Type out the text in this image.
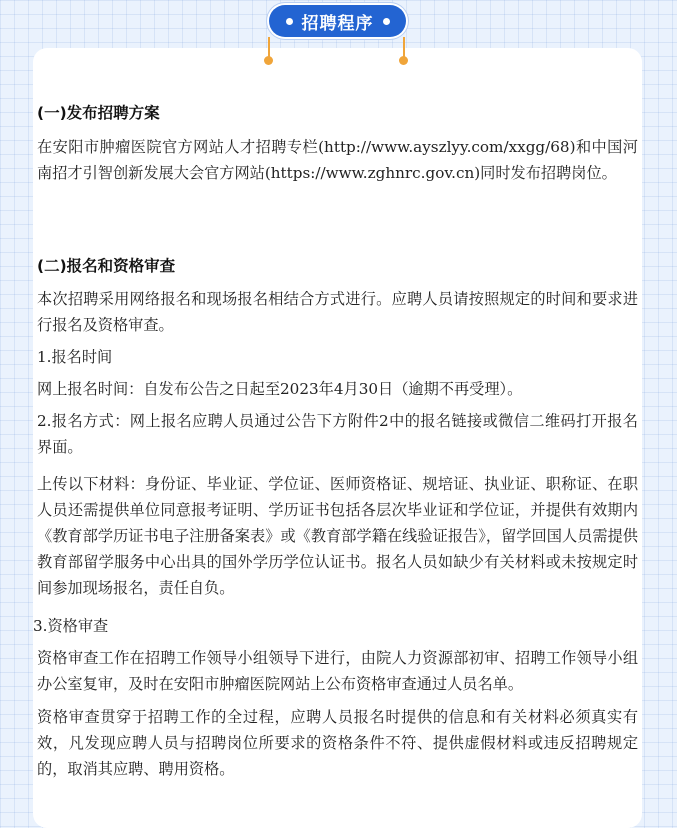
招聘程序
(一)发布招聘方案

在安阳市肿瘤医院官方网站人才招聘专栏(http://www.ayszlyy.com/xxgg/68)和中国河南招才引智创新发展大会官方网站(https://www.zghnrc.gov.cn)同时发布招聘岗位。

(二)报名和资格审查

本次招聘采用网络报名和现场报名相结合方式进行。应聘人员请按照规定的时间和要求进行报名及资格审查。

1.报名时间

网上报名时间：自发布公告之日起至2023年4月30日（逾期不再受理）。

2.报名方式：网上报名应聘人员通过公告下方附件2中的报名链接或微信二维码打开报名界面。

上传以下材料：身份证、毕业证、学位证、医师资格证、规培证、执业证、职称证、在职人员还需提供单位同意报考证明、学历证书包括各层次毕业证和学位证，并提供有效期内《教育部学历证书电子注册备案表》或《教育部学籍在线验证报告》，留学回国人员需提供教育部留学服务中心出具的国外学历学位认证书。报名人员如缺少有关材料或未按规定时间参加现场报名，责任自负。

3.资格审查

资格审查工作在招聘工作领导小组领导下进行，由院人力资源部初审、招聘工作领导小组办公室复审，及时在安阳市肿瘤医院网站上公布资格审查通过人员名单。

资格审查贯穿于招聘工作的全过程，应聘人员报名时提供的信息和有关材料必须真实有效，凡发现应聘人员与招聘岗位所要求的资格条件不符、提供虚假材料或违反招聘规定的，取消其应聘、聘用资格。
